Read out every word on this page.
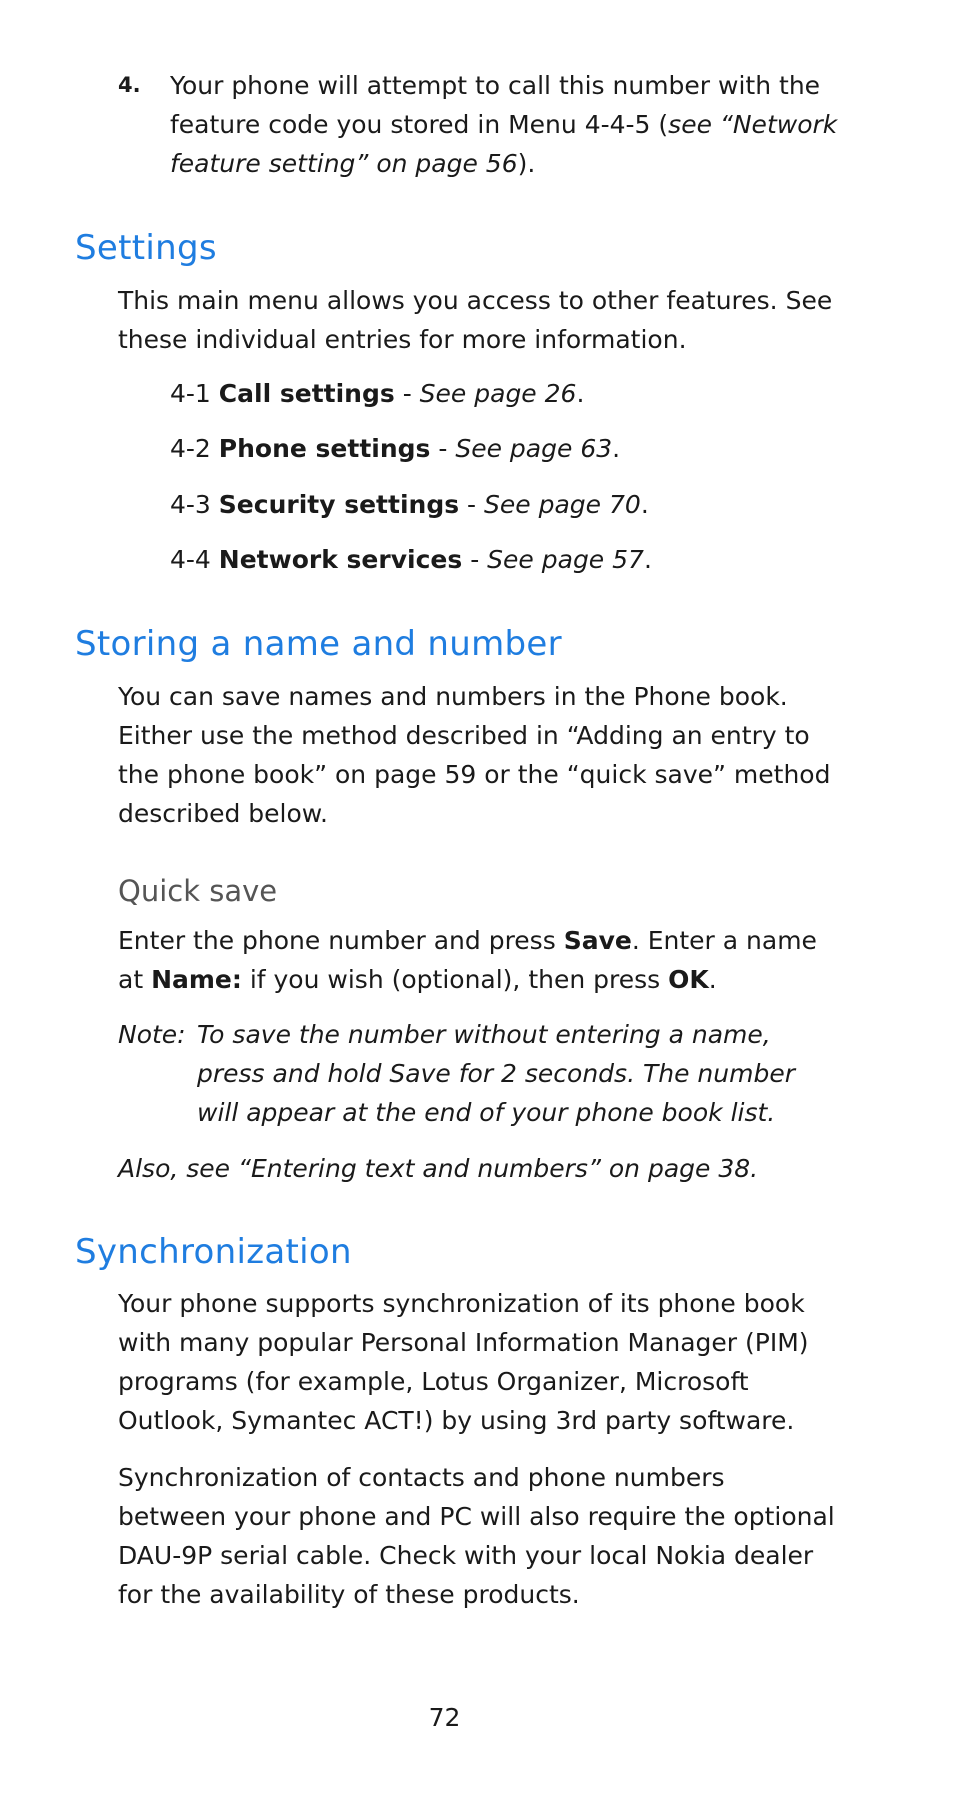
4. Your phone will attempt to call this number with the feature code you stored in Menu 4-4-5 (see “Network feature setting” on page 56).
Settings

This main menu allows you access to other features. See these individual entries for more information.

4-1 Call settings - See page 26.

4-2 Phone settings - See page 63.

4-3 Security settings - See page 70.

4-4 Network services - See page 57.

Storing a name and number

You can save names and numbers in the Phone book. Either use the method described in “Adding an entry to the phone book” on page 59 or the “quick save” method described below.

Quick save

Enter the phone number and press Save. Enter a name at Name: if you wish (optional), then press OK.

Note: To save the number without entering a name, press and hold Save for 2 seconds. The number will appear at the end of your phone book list.

Also, see “Entering text and numbers” on page 38.

Synchronization

Your phone supports synchronization of its phone book with many popular Personal Information Manager (PIM) programs (for example, Lotus Organizer, Microsoft Outlook, Symantec ACT!) by using 3rd party software.

Synchronization of contacts and phone numbers between your phone and PC will also require the optional DAU-9P serial cable. Check with your local Nokia dealer for the availability of these products.

72
